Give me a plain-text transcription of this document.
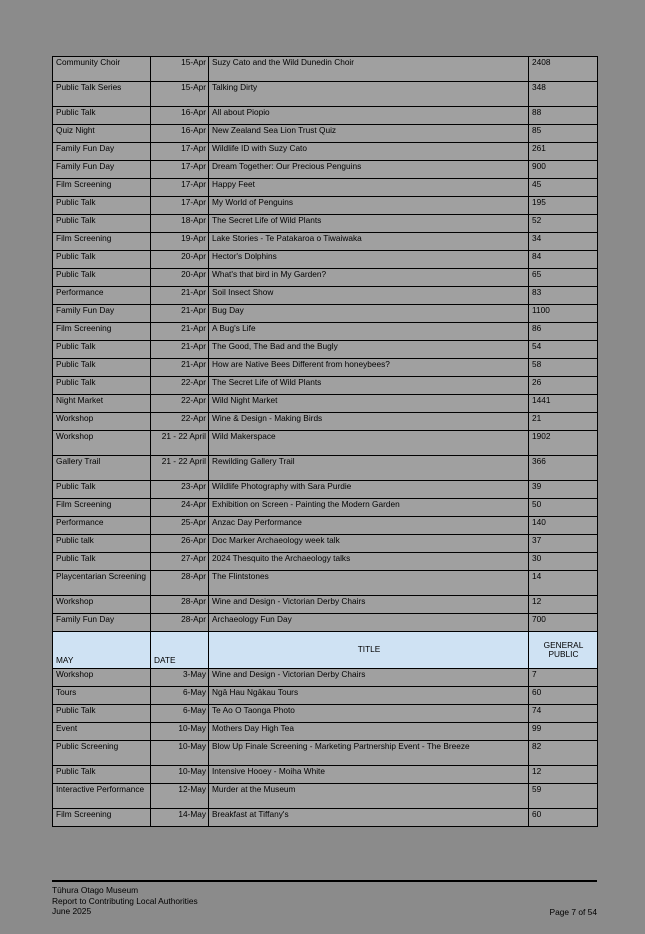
Community Choir	15-Apr	Suzy Cato and the Wild Dunedin Choir	2408
Public Talk Series	15-Apr	Talking Dirty	348
Public Talk	16-Apr	All about Piopio	88
Quiz Night	16-Apr	New Zealand Sea Lion Trust Quiz	85
Family Fun Day	17-Apr	Wildlife ID with Suzy Cato	261
Family Fun Day	17-Apr	Dream Together: Our Precious Penguins	900
Film Screening	17-Apr	Happy Feet	45
Public Talk	17-Apr	My World of Penguins	195
Public Talk	18-Apr	The Secret Life of Wild Plants	52
Film Screening	19-Apr	Lake Stories - Te Patakaroa o Tiwaiwaka	34
Public Talk	20-Apr	Hector's Dolphins	84
Public Talk	20-Apr	What's that bird in My Garden?	65
Performance	21-Apr	Soil Insect Show	83
Family Fun Day	21-Apr	Bug Day	1100
Film Screening	21-Apr	A Bug's Life	86
Public Talk	21-Apr	The Good, The Bad and the Bugly	54
Public Talk	21-Apr	How are Native Bees Different from honeybees?	58
Public Talk	22-Apr	The Secret Life of Wild Plants	26
Night Market	22-Apr	Wild Night Market	1441
Workshop	22-Apr	Wine & Design - Making Birds	21
Workshop	21 - 22 April	Wild Makerspace	1902
Gallery Trail	21 - 22 April	Rewilding Gallery Trail	366
Public Talk	23-Apr	Wildlife Photography with Sara Purdie	39
Film Screening	24-Apr	Exhibition on Screen - Painting the Modern Garden	50
Performance	25-Apr	Anzac Day Performance	140
Public talk	26-Apr	Doc Marker Archaeology week talk	37
Public Talk	27-Apr	2024 Thesquito the Archaeology talks	30
Playcentarian Screening	28-Apr	The Flintstones	14
Workshop	28-Apr	Wine and Design - Victorian Derby Chairs	12
Family Fun Day	28-Apr	Archaeology Fun Day	700
MAY	DATE	TITLE	GENERAL PUBLIC
Workshop	3-May	Wine and Design - Victorian Derby Chairs	7
Tours	6-May	Ngā Hau Ngākau Tours	60
Public Talk	6-May	Te Ao O Taonga Photo	74
Event	10-May	Mothers Day High Tea	99
Public Screening	10-May	Blow Up Finale Screening - Marketing Partnership Event - The Breeze	82
Public Talk	10-May	Intensive Hooey - Moiha White	12
Interactive Performance	12-May	Murder at the Museum	59
Film Screening	14-May	Breakfast at Tiffany's	60
Tūhura Otago Museum
Report to Contributing Local Authorities
June 2025	Page 7 of 54
